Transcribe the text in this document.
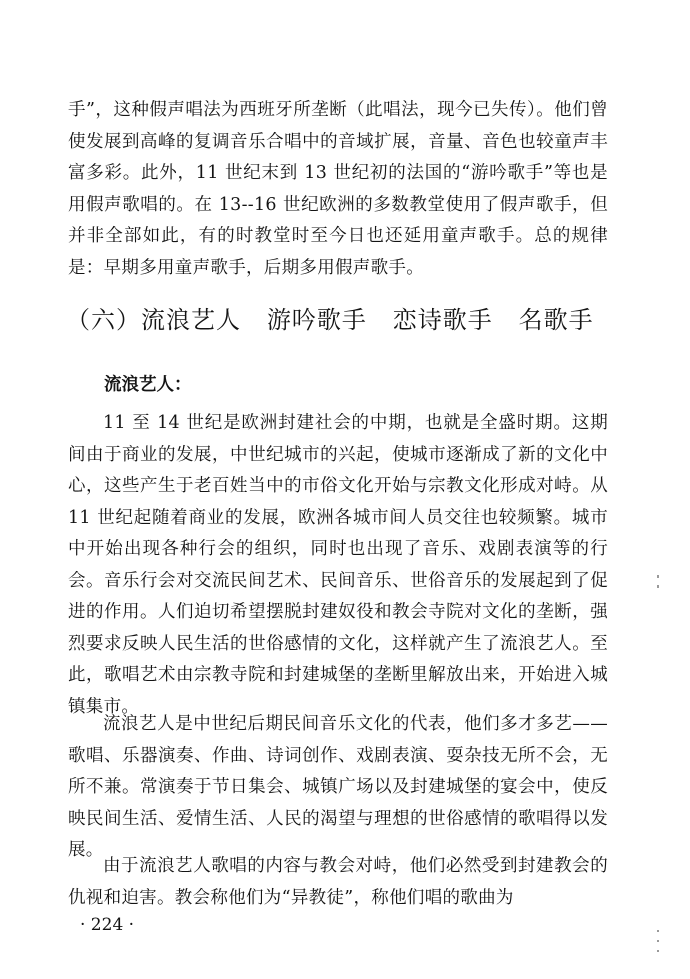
手”，这种假声唱法为西班牙所垄断（此唱法，现今已失传）。他们曾使发展到高峰的复调音乐合唱中的音域扩展，音量、音色也较童声丰富多彩。此外，11 世纪末到 13 世纪初的法国的“游吟歌手”等也是用假声歌唱的。在 13--16 世纪欧洲的多数教堂使用了假声歌手，但并非全部如此，有的时教堂时至今日也还延用童声歌手。总的规律是：早期多用童声歌手，后期多用假声歌手。

（六）流浪艺人   游吟歌手   恋诗歌手   名歌手

流浪艺人：

11 至 14 世纪是欧洲封建社会的中期，也就是全盛时期。这期间由于商业的发展，中世纪城市的兴起，使城市逐渐成了新的文化中心，这些产生于老百姓当中的市俗文化开始与宗教文化形成对峙。从 11 世纪起随着商业的发展，欧洲各城市间人员交往也较频繁。城市中开始出现各种行会的组织，同时也出现了音乐、戏剧表演等的行会。音乐行会对交流民间艺术、民间音乐、世俗音乐的发展起到了促进的作用。人们迫切希望摆脱封建奴役和教会寺院对文化的垄断，强烈要求反映人民生活的世俗感情的文化，这样就产生了流浪艺人。至此，歌唱艺术由宗教寺院和封建城堡的垄断里解放出来，开始进入城镇集市。

流浪艺人是中世纪后期民间音乐文化的代表，他们多才多艺——歌唱、乐器演奏、作曲、诗词创作、戏剧表演、耍杂技无所不会，无所不兼。常演奏于节日集会、城镇广场以及封建城堡的宴会中，使反映民间生活、爱情生活、人民的渴望与理想的世俗感情的歌唱得以发展。

由于流浪艺人歌唱的内容与教会对峙，他们必然受到封建教会的仇视和迫害。教会称他们为“异教徒”，称他们唱的歌曲为

· 224 ·
